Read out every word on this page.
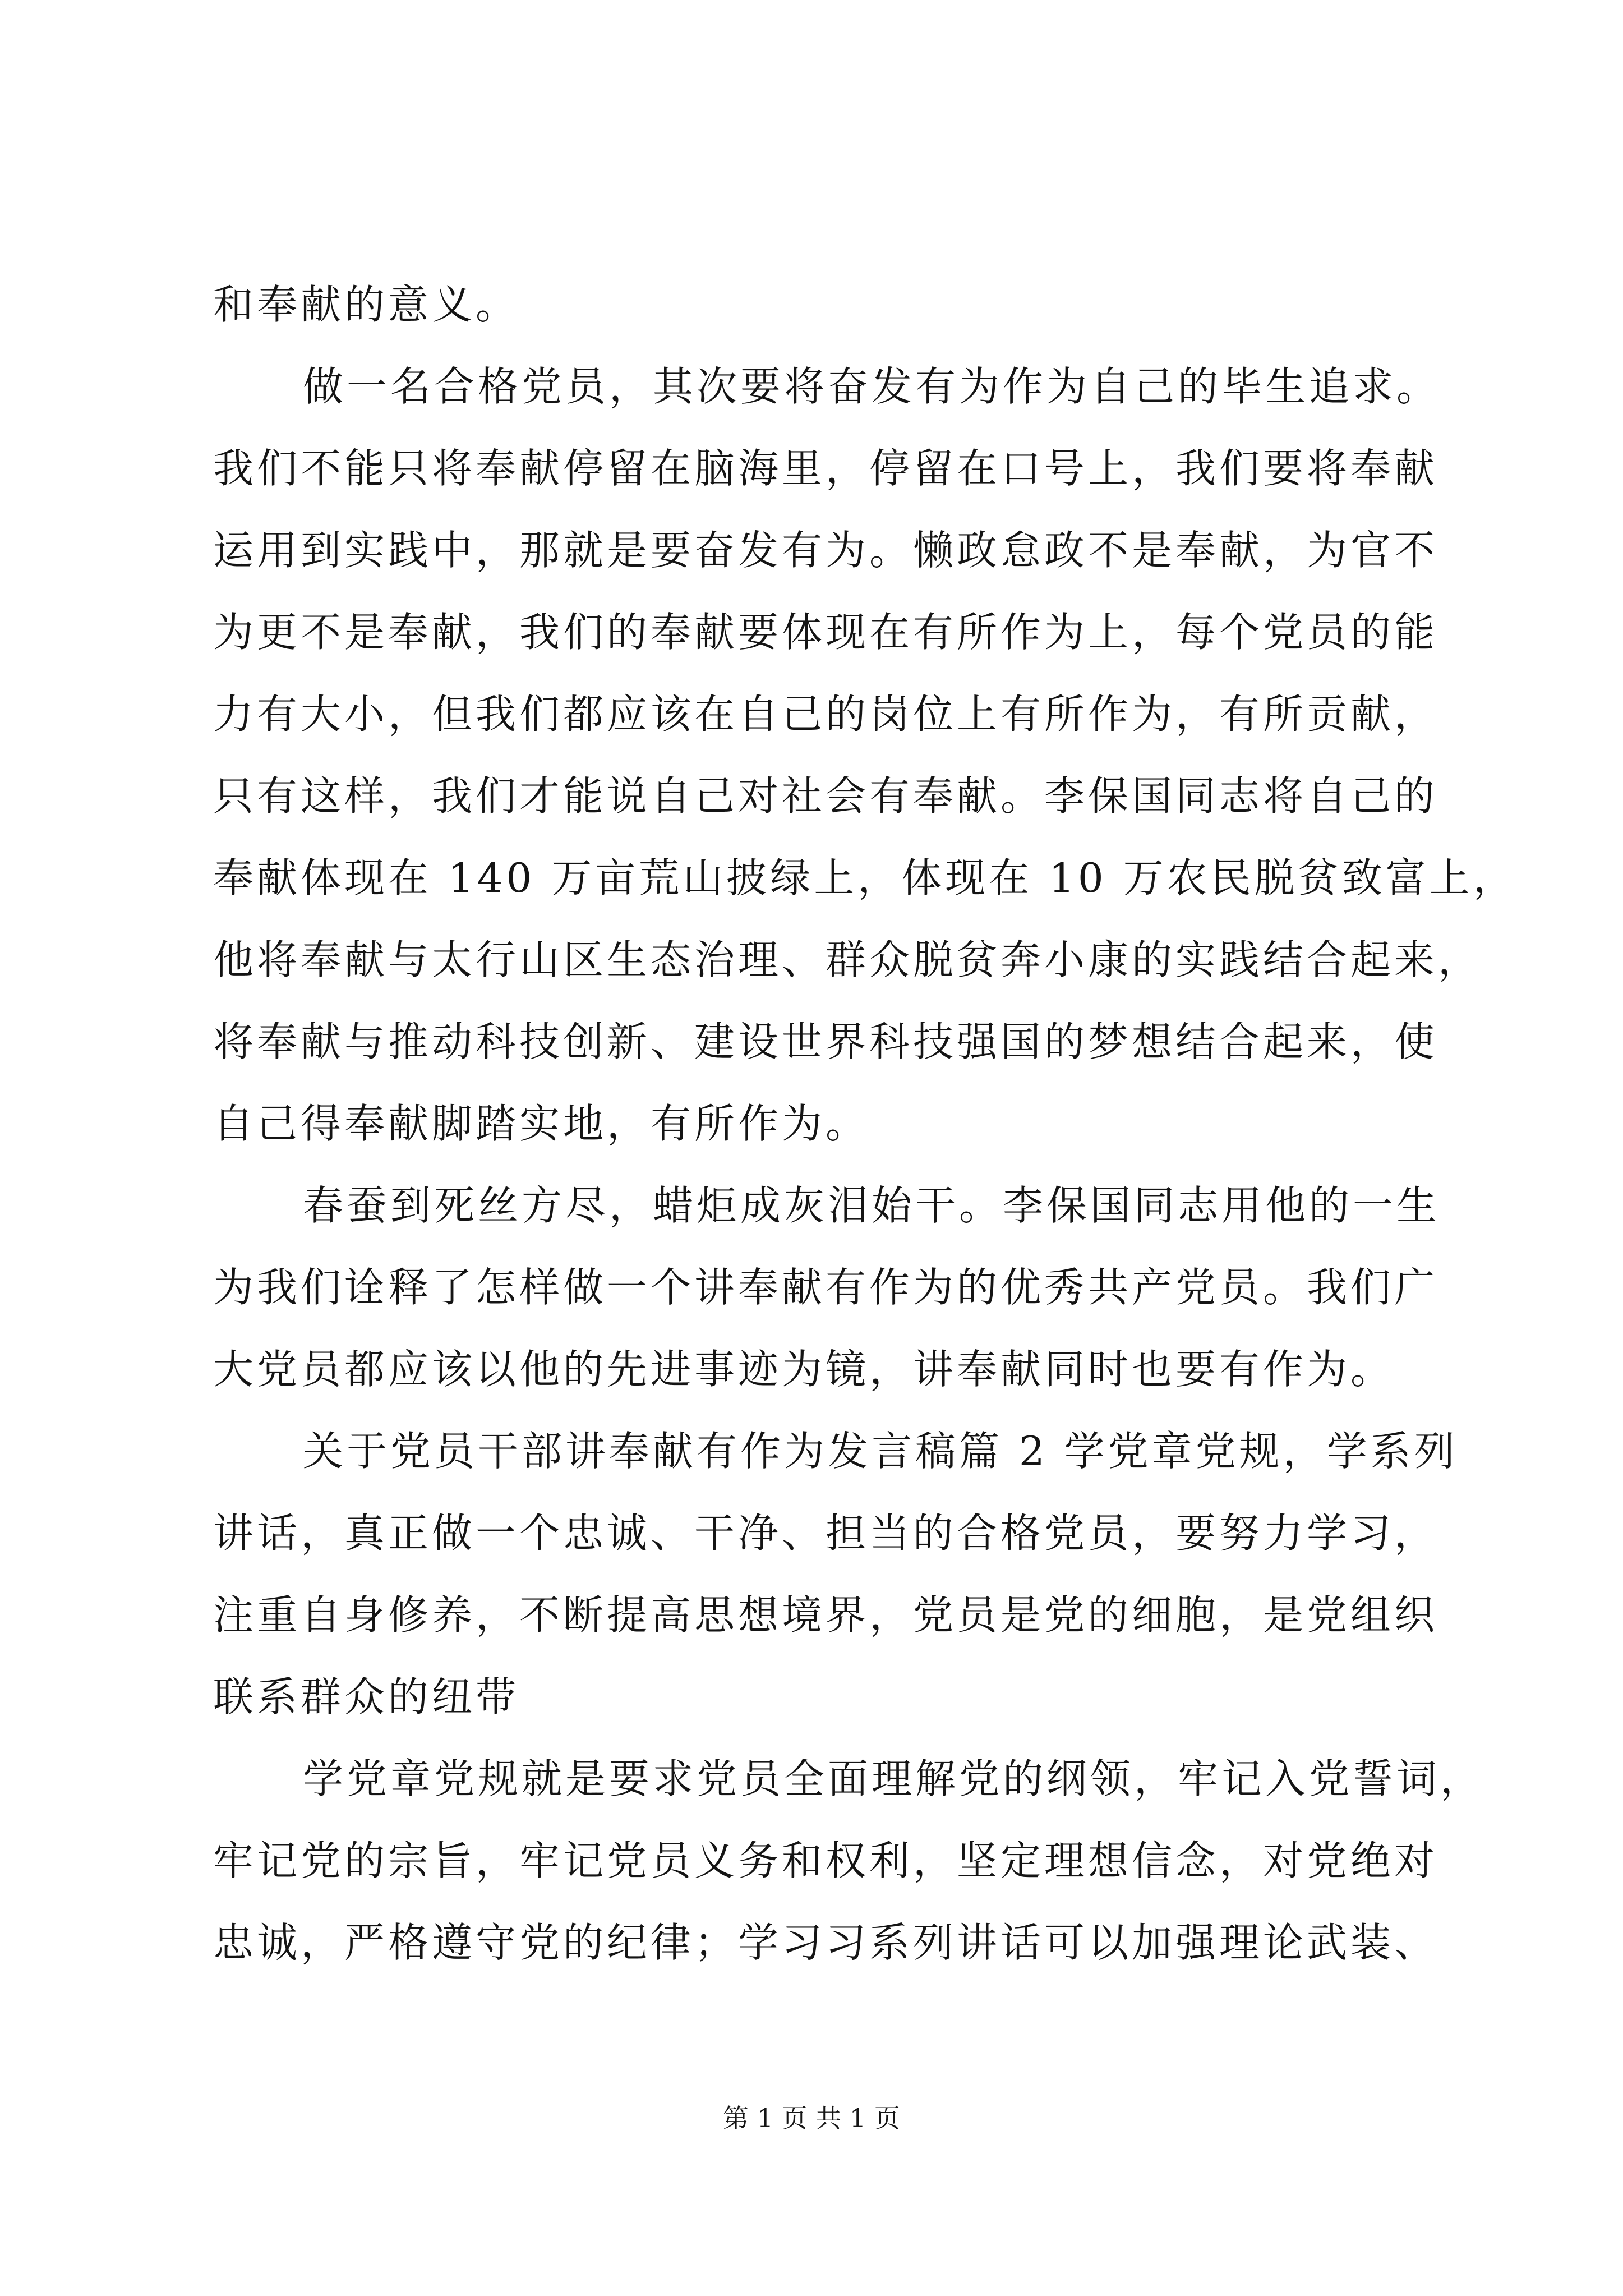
和奉献的意义。

做一名合格党员，其次要将奋发有为作为自己的毕生追求。
我们不能只将奉献停留在脑海里，停留在口号上，我们要将奉献
运用到实践中，那就是要奋发有为。懒政怠政不是奉献，为官不
为更不是奉献，我们的奉献要体现在有所作为上，每个党员的能
力有大小，但我们都应该在自己的岗位上有所作为，有所贡献，
只有这样，我们才能说自己对社会有奉献。李保国同志将自己的
奉献体现在 140 万亩荒山披绿上，体现在 10 万农民脱贫致富上，
他将奉献与太行山区生态治理、群众脱贫奔小康的实践结合起来，
将奉献与推动科技创新、建设世界科技强国的梦想结合起来，使
自己得奉献脚踏实地，有所作为。

春蚕到死丝方尽，蜡炬成灰泪始干。李保国同志用他的一生
为我们诠释了怎样做一个讲奉献有作为的优秀共产党员。我们广
大党员都应该以他的先进事迹为镜，讲奉献同时也要有作为。

关于党员干部讲奉献有作为发言稿篇 2 学党章党规，学系列
讲话，真正做一个忠诚、干净、担当的合格党员，要努力学习，
注重自身修养，不断提高思想境界，党员是党的细胞，是党组织
联系群众的纽带

学党章党规就是要求党员全面理解党的纲领，牢记入党誓词，
牢记党的宗旨，牢记党员义务和权利，坚定理想信念，对党绝对
忠诚，严格遵守党的纪律；学习习系列讲话可以加强理论武装、

第 1 页 共 1 页
